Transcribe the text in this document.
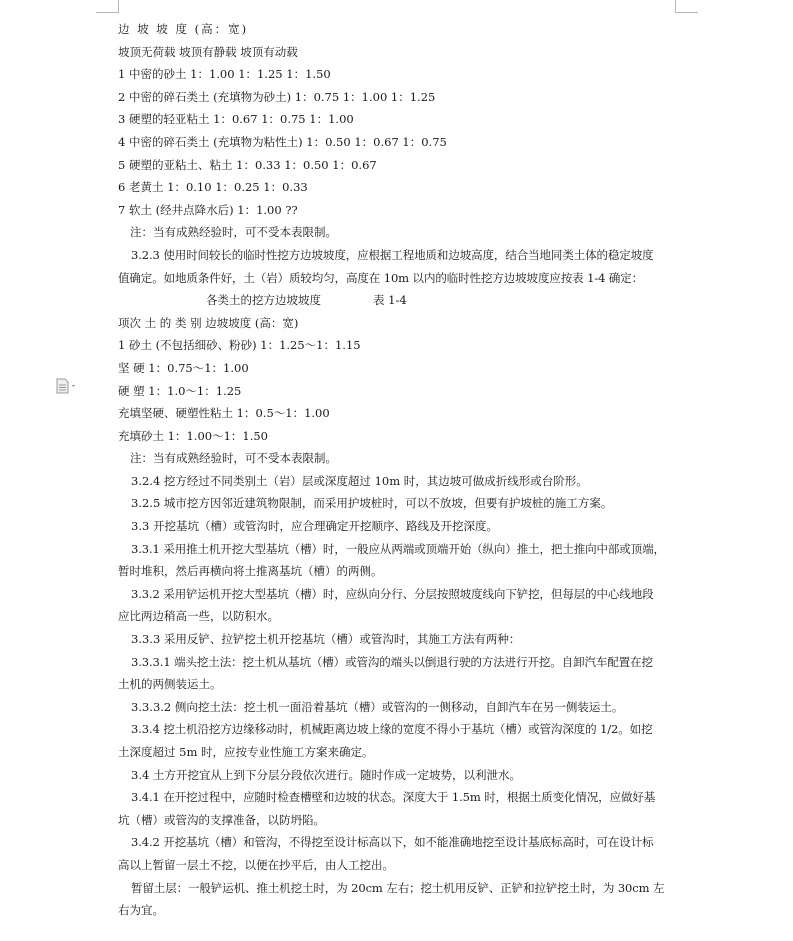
边 坡 坡 度 (高：宽)
坡顶无荷载 坡顶有静载 坡顶有动载
1 中密的砂土 1：1.00 1：1.25 1：1.50
2 中密的碎石类土 (充填物为砂土) 1：0.75 1：1.00 1：1.25
3 硬塑的轻亚粘土 1：0.67 1：0.75 1：1.00
4 中密的碎石类土 (充填物为粘性土) 1：0.50 1：0.67 1：0.75
5 硬塑的亚粘土、粘土 1：0.33 1：0.50 1：0.67
6 老黄土 1：0.10 1：0.25 1：0.33
7 软土 (经井点降水后) 1：1.00 ??
注：当有成熟经验时，可不受本表限制。
3.2.3 使用时间较长的临时性挖方边坡坡度，应根据工程地质和边坡高度，结合当地同类土体的稳定坡度
值确定。如地质条件好，土（岩）质较均匀，高度在 10m 以内的临时性挖方边坡坡度应按表 1-4 确定：
各类土的挖方边坡坡度	表 1-4
项次 土 的 类 别 边坡坡度 (高：宽)
1 砂土 (不包括细砂、粉砂) 1：1.25～1：1.15
坚 硬 1：0.75～1：1.00
硬 塑 1：1.0～1：1.25
充填坚硬、硬塑性粘土 1：0.5～1：1.00
充填砂土 1：1.00～1：1.50
注：当有成熟经验时，可不受本表限制。
3.2.4 挖方经过不同类别土（岩）层或深度超过 10m 时，其边坡可做成折线形或台阶形。
3.2.5 城市挖方因邻近建筑物限制，而采用护坡桩时，可以不放坡，但要有护坡桩的施工方案。
3.3 开挖基坑（槽）或管沟时，应合理确定开挖顺序、路线及开挖深度。
3.3.1 采用推土机开挖大型基坑（槽）时，一般应从两端或顶端开始（纵向）推土，把土推向中部或顶端，
暂时堆积，然后再横向将土推离基坑（槽）的两侧。
3.3.2 采用铲运机开挖大型基坑（槽）时，应纵向分行、分层按照坡度线向下铲挖，但每层的中心线地段
应比两边稍高一些，以防积水。
3.3.3 采用反铲、拉铲挖土机开挖基坑（槽）或管沟时，其施工方法有两种：
3.3.3.1 端头挖土法：挖土机从基坑（槽）或管沟的端头以倒退行驶的方法进行开挖。自卸汽车配置在挖
土机的两侧装运土。
3.3.3.2 侧向挖土法：挖土机一面沿着基坑（槽）或管沟的一侧移动，自卸汽车在另一侧装运土。
3.3.4 挖土机沿挖方边缘移动时，机械距离边坡上缘的宽度不得小于基坑（槽）或管沟深度的 1/2。如挖
土深度超过 5m 时，应按专业性施工方案来确定。
3.4 土方开挖宜从上到下分层分段依次进行。随时作成一定坡势，以利泄水。
3.4.1 在开挖过程中，应随时检查槽壁和边坡的状态。深度大于 1.5m 时，根据土质变化情况，应做好基
坑（槽）或管沟的支撑准备，以防坍陷。
3.4.2 开挖基坑（槽）和管沟，不得挖至设计标高以下，如不能准确地挖至设计基底标高时，可在设计标
高以上暂留一层土不挖，以便在抄平后，由人工挖出。
暂留土层：一般铲运机、推土机挖土时，为 20cm 左右；挖土机用反铲、正铲和拉铲挖土时，为 30cm 左
右为宜。
